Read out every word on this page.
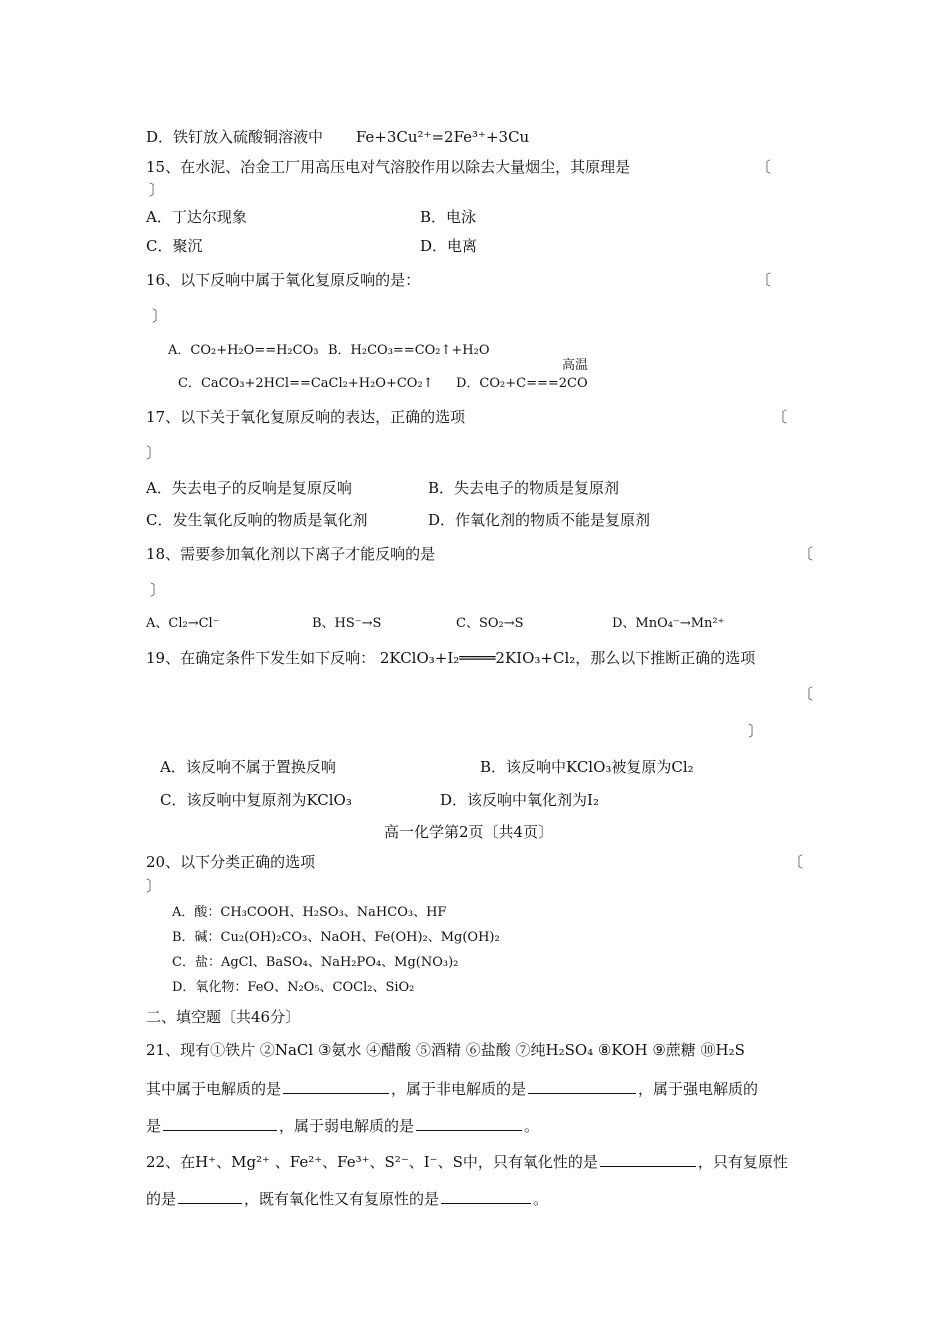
D．铁钉放入硫酸铜溶液中 Fe+3Cu²⁺=2Fe³⁺+3Cu
15、在水泥、冶金工厂用高压电对气溶胶作用以除去大量烟尘，其原理是	〔
〕
A．丁达尔现象	B．电泳
C．聚沉	D．电离
16、以下反响中属于氧化复原反响的是：	〔
〕
A．CO₂+H₂O==H₂CO₃ B．H₂CO₃==CO₂↑+H₂O
高温
C．CaCO₃+2HCl==CaCl₂+H₂O+CO₂↑ D．CO₂+C===2CO
17、以下关于氧化复原反响的表达，正确的选项	〔
〕
A．失去电子的反响是复原反响	B．失去电子的物质是复原剂
C．发生氧化反响的物质是氧化剂	D．作氧化剂的物质不能是复原剂
18、需要参加氧化剂以下离子才能反响的是	〔
〕
A、Cl₂→Cl⁻	B、HS⁻→S	C、SO₂→S	D、MnO₄⁻→Mn²⁺
19、在确定条件下发生如下反响： 2KClO₃+I₂════2KIO₃+Cl₂，那么以下推断正确的选项
〔
〕
A．该反响不属于置换反响	B．该反响中KClO₃被复原为Cl₂
C．该反响中复原剂为KClO₃	D．该反响中氧化剂为I₂
高一化学第2页〔共4页〕
20、以下分类正确的选项	〔
〕
A．酸：CH₃COOH、H₂SO₃、NaHCO₃、HF
B．碱：Cu₂(OH)₂CO₃、NaOH、Fe(OH)₂、Mg(OH)₂
C．盐：AgCl、BaSO₄、NaH₂PO₄、Mg(NO₃)₂
D．氧化物：FeO、N₂O₅、COCl₂、SiO₂
二、填空题〔共46分〕
21、现有①铁片 ②NaCl ③氨水 ④醋酸 ⑤酒精 ⑥盐酸 ⑦纯H₂SO₄ ⑧KOH ⑨蔗糖 ⑩H₂S
其中属于电解质的是	，属于非电解质的是	，属于强电解质的
是	，属于弱电解质的是	。
22、在H⁺、Mg²⁺ 、Fe²⁺、Fe³⁺、S²⁻、I⁻、S中，只有氧化性的是	，只有复原性
的是	，既有氧化性又有复原性的是	。
